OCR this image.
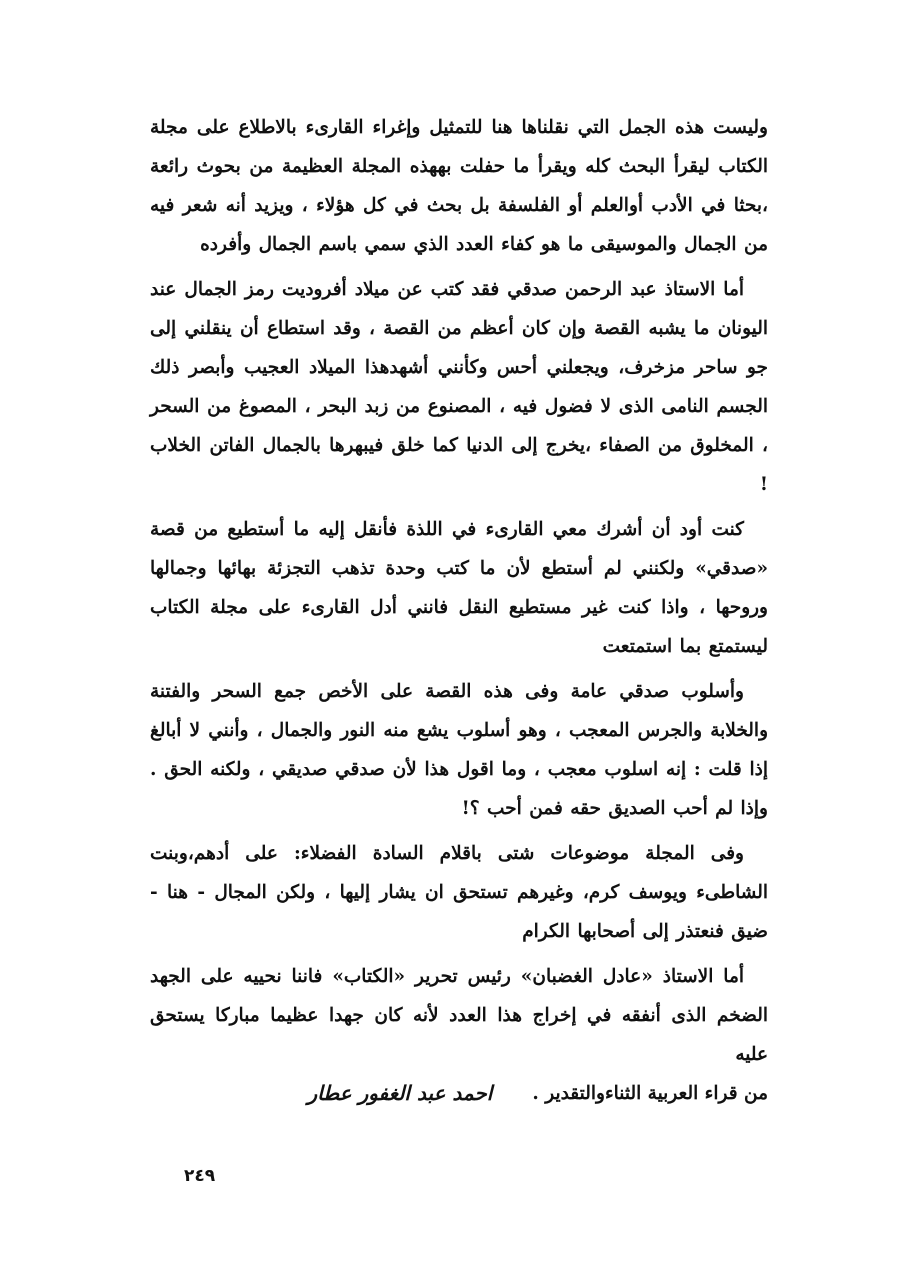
وليست هذه الجمل التي نقلناها هنا للتمثيل وإغراء القارىء بالاطلاع على مجلة الكتاب ليقرأ البحث كله ويقرأ ما حفلت بههذه المجلة العظيمة من بحوث رائعة ،بحثا في الأدب أوالعلم أو الفلسفة بل بحث في كل هؤلاء ، ويزيد أنه شعر فيه من الجمال والموسيقى ما هو كفاء العدد الذي سمي باسم الجمال وأفرده

أما الاستاذ عبد الرحمن صدقي فقد كتب عن ميلاد أفروديت رمز الجمال عند اليونان ما يشبه القصة وإن كان أعظم من القصة ، وقد استطاع أن ينقلني إلى جو ساحر مزخرف، ويجعلني أحس وكأنني أشهدهذا الميلاد العجيب وأبصر ذلك الجسم النامى الذى لا فضول فيه ، المصنوع من زبد البحر ، المصوغ من السحر ، المخلوق من الصفاء ،يخرج إلى الدنيا كما خلق فيبهرها بالجمال الفاتن الخلاب !

كنت أود أن أشرك معي القارىء في اللذة فأنقل إليه ما أستطيع من قصة «صدقي» ولكنني لم أستطع لأن ما كتب وحدة تذهب التجزئة بهائها وجمالها وروحها ، واذا كنت غير مستطيع النقل فانني أدل القارىء على مجلة الكتاب ليستمتع بما استمتعت

وأسلوب صدقي عامة وفى هذه القصة على الأخص جمع السحر والفتنة والخلابة والجرس المعجب ، وهو أسلوب يشع منه النور والجمال ، وأنني لا أبالغ إذا قلت : إنه اسلوب معجب ، وما اقول هذا لأن صدقي صديقي ، ولكنه الحق . وإذا لم أحب الصديق حقه فمن أحب ؟!

وفى المجلة موضوعات شتى باقلام السادة الفضلاء: على أدهم،وبنت الشاطىء ويوسف كرم، وغيرهم تستحق ان يشار إليها ، ولكن المجال - هنا - ضيق فنعتذر إلى أصحابها الكرام

أما الاستاذ «عادل الغضبان» رئيس تحرير «الكتاب» فاننا نحييه على الجهد الضخم الذى أنفقه في إخراج هذا العدد لأنه كان جهدا عظيما مباركا يستحق عليه

من قراء العربية الثناءوالتقدير .
احمد عبد الغفور عطار
٢٤٩
